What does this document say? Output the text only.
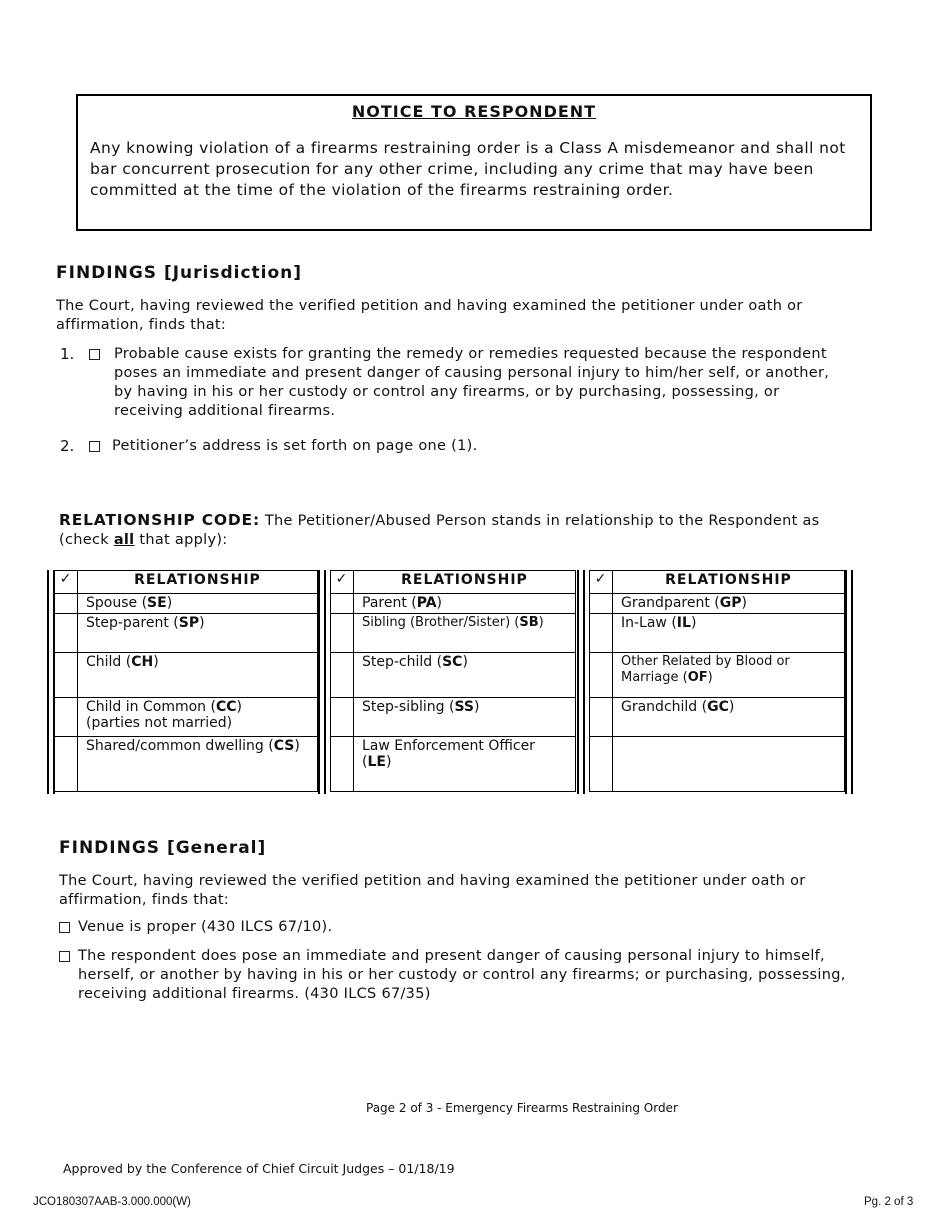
NOTICE TO RESPONDENT
Any knowing violation of a firearms restraining order is a Class A misdemeanor and shall not bar concurrent prosecution for any other crime, including any crime that may have been committed at the time of the violation of the firearms restraining order.
FINDINGS [Jurisdiction]
The Court, having reviewed the verified petition and having examined the petitioner under oath or affirmation, finds that:
1.	Probable cause exists for granting the remedy or remedies requested because the respondent poses an immediate and present danger of causing personal injury to him/her self, or another, by having in his or her custody or control any firearms, or by purchasing, possessing, or receiving additional firearms.
2.	Petitioner’s address is set forth on page one (1).
RELATIONSHIP CODE: The Petitioner/Abused Person stands in relationship to the Respondent as (check all that apply):
✓	RELATIONSHIP
	Spouse (SE)
	Step-parent (SP)
	Child (CH)
	Child in Common (CC)
(parties not married)
	Shared/common dwelling (CS)
✓	RELATIONSHIP
	Parent (PA)
	Sibling (Brother/Sister) (SB)
	Step-child (SC)
	Step-sibling (SS)
	Law Enforcement Officer (LE)
✓	RELATIONSHIP
	Grandparent (GP)
	In-Law (IL)
	Other Related by Blood or Marriage (OF)
	Grandchild (GC)

FINDINGS [General]
The Court, having reviewed the verified petition and having examined the petitioner under oath or affirmation, finds that:
Venue is proper (430 ILCS 67/10).
The respondent does pose an immediate and present danger of causing personal injury to himself, herself, or another by having in his or her custody or control any firearms; or purchasing, possessing, receiving additional firearms. (430 ILCS 67/35)
Page 2 of 3 - Emergency Firearms Restraining Order
Approved by the Conference of Chief Circuit Judges – 01/18/19
JCO180307AAB-3.000.000(W)	Pg. 2 of 3
